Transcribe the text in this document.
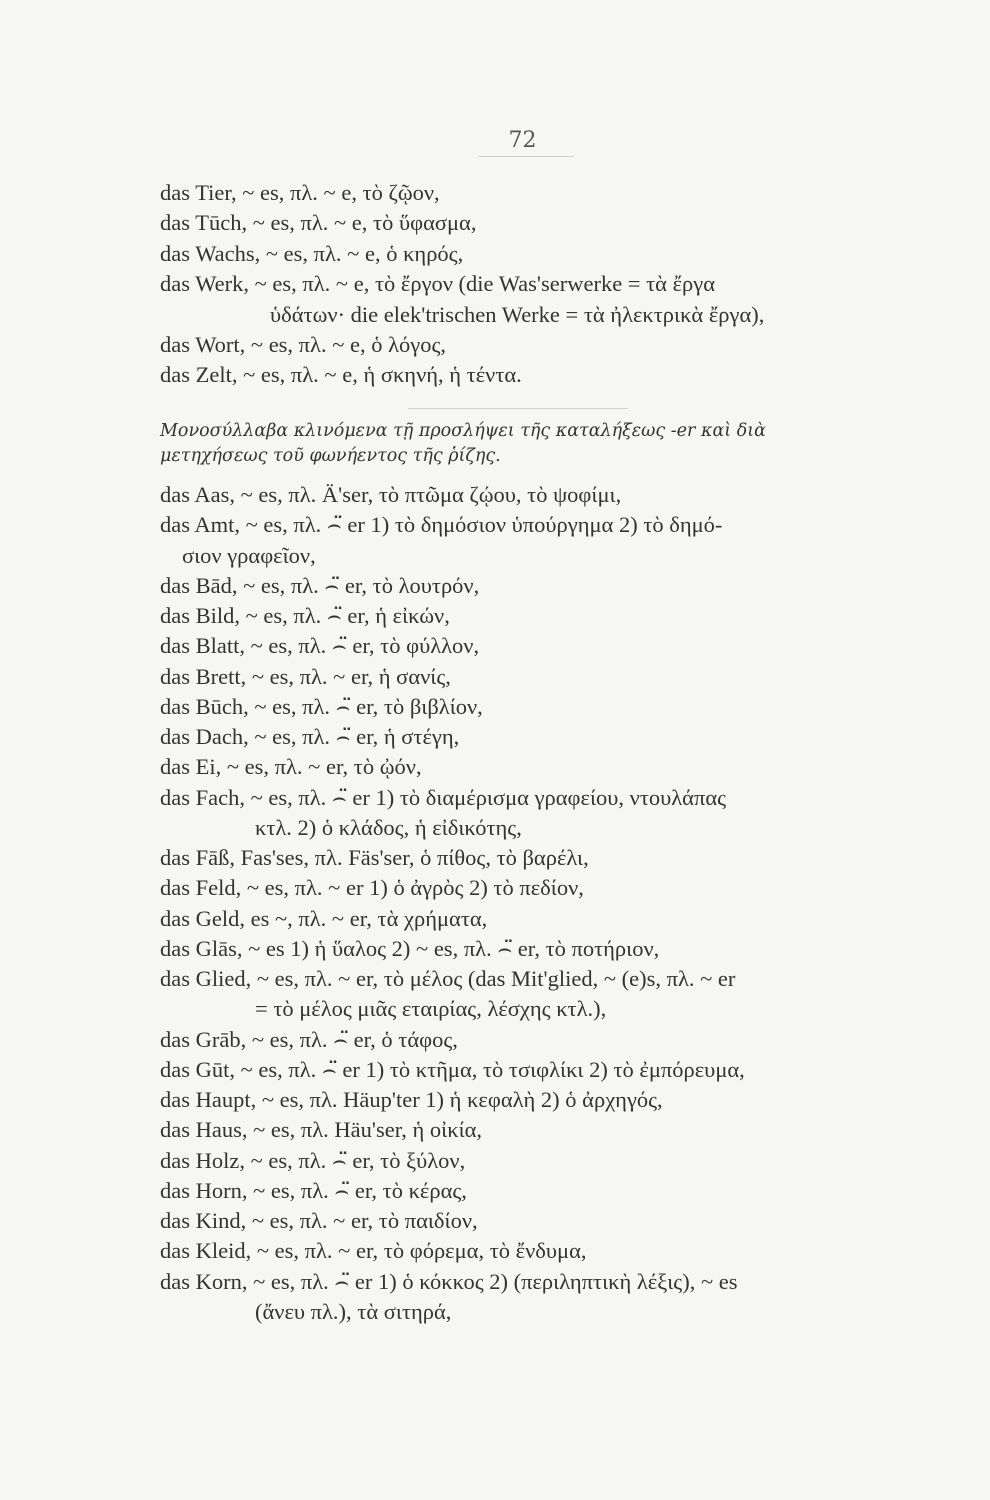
72
das Tier, ~ es, πλ. ~ e, τὸ ζῷον,
das Tūch, ~ es, πλ. ~ e, τὸ ὕφασμα,
das Wachs, ~ es, πλ. ~ e, ὁ κηρός,
das Werk, ~ es, πλ. ~ e, τὸ ἔργον (die Was'serwerke = τὰ ἔργα
ὑδάτων· die elek'trischen Werke = τὰ ἠλεκτρικὰ ἔργα),
das Wort, ~ es, πλ. ~ e, ὁ λόγος,
das Zelt, ~ es, πλ. ~ e, ἡ σκηνή, ἡ τέντα.
Μονοσύλλαβα κλινόμενα τῇ προσλήψει τῆς καταλήξεως -er καὶ διὰ
μετηχήσεως τοῦ φωνήεντος τῆς ῥίζης.
das Aas, ~ es, πλ. Ä'ser, τὸ πτῶμα ζῴου, τὸ ψοφίμι,
das Amt, ~ es, πλ. ⌢̈ er 1) τὸ δημόσιον ὑπούργημα 2) τὸ δημό-
σιον γραφεῖον,
das Bād, ~ es, πλ. ⌢̈ er, τὸ λουτρόν,
das Bild, ~ es, πλ. ⌢̈ er, ἡ εἰκών,
das Blatt, ~ es, πλ. ⌢̈ er, τὸ φύλλον,
das Brett, ~ es, πλ. ~ er, ἡ σανίς,
das Būch, ~ es, πλ. ⌢̈ er, τὸ βιβλίον,
das Dach, ~ es, πλ. ⌢̈ er, ἡ στέγη,
das Ei, ~ es, πλ. ~ er, τὸ ᾠόν,
das Fach, ~ es, πλ. ⌢̈ er 1) τὸ διαμέρισμα γραφείου, ντουλάπας
κτλ. 2) ὁ κλάδος, ἡ εἰδικότης,
das Fāß, Fas'ses, πλ. Fäs'ser, ὁ πίθος, τὸ βαρέλι,
das Feld, ~ es, πλ. ~ er 1) ὁ ἀγρὸς 2) τὸ πεδίον,
das Geld, es ~, πλ. ~ er, τὰ χρήματα,
das Glās, ~ es 1) ἡ ὕαλος 2) ~ es, πλ. ⌢̈ er, τὸ ποτήριον,
das Glied, ~ es, πλ. ~ er, τὸ μέλος (das Mit'glied, ~ (e)s, πλ. ~ er
= τὸ μέλος μιᾶς εταιρίας, λέσχης κτλ.),
das Grāb, ~ es, πλ. ⌢̈ er, ὁ τάφος,
das Gūt, ~ es, πλ. ⌢̈ er 1) τὸ κτῆμα, τὸ τσιφλίκι 2) τὸ ἐμπόρευμα,
das Haupt, ~ es, πλ. Häup'ter 1) ἡ κεφαλὴ 2) ὁ ἀρχηγός,
das Haus, ~ es, πλ. Häu'ser, ἡ οἰκία,
das Holz, ~ es, πλ. ⌢̈ er, τὸ ξύλον,
das Horn, ~ es, πλ. ⌢̈ er, τὸ κέρας,
das Kind, ~ es, πλ. ~ er, τὸ παιδίον,
das Kleid, ~ es, πλ. ~ er, τὸ φόρεμα, τὸ ἔνδυμα,
das Korn, ~ es, πλ. ⌢̈ er 1) ὁ κόκκος 2) (περιληπτικὴ λέξις), ~ es
(ἄνευ πλ.), τὰ σιτηρά,
